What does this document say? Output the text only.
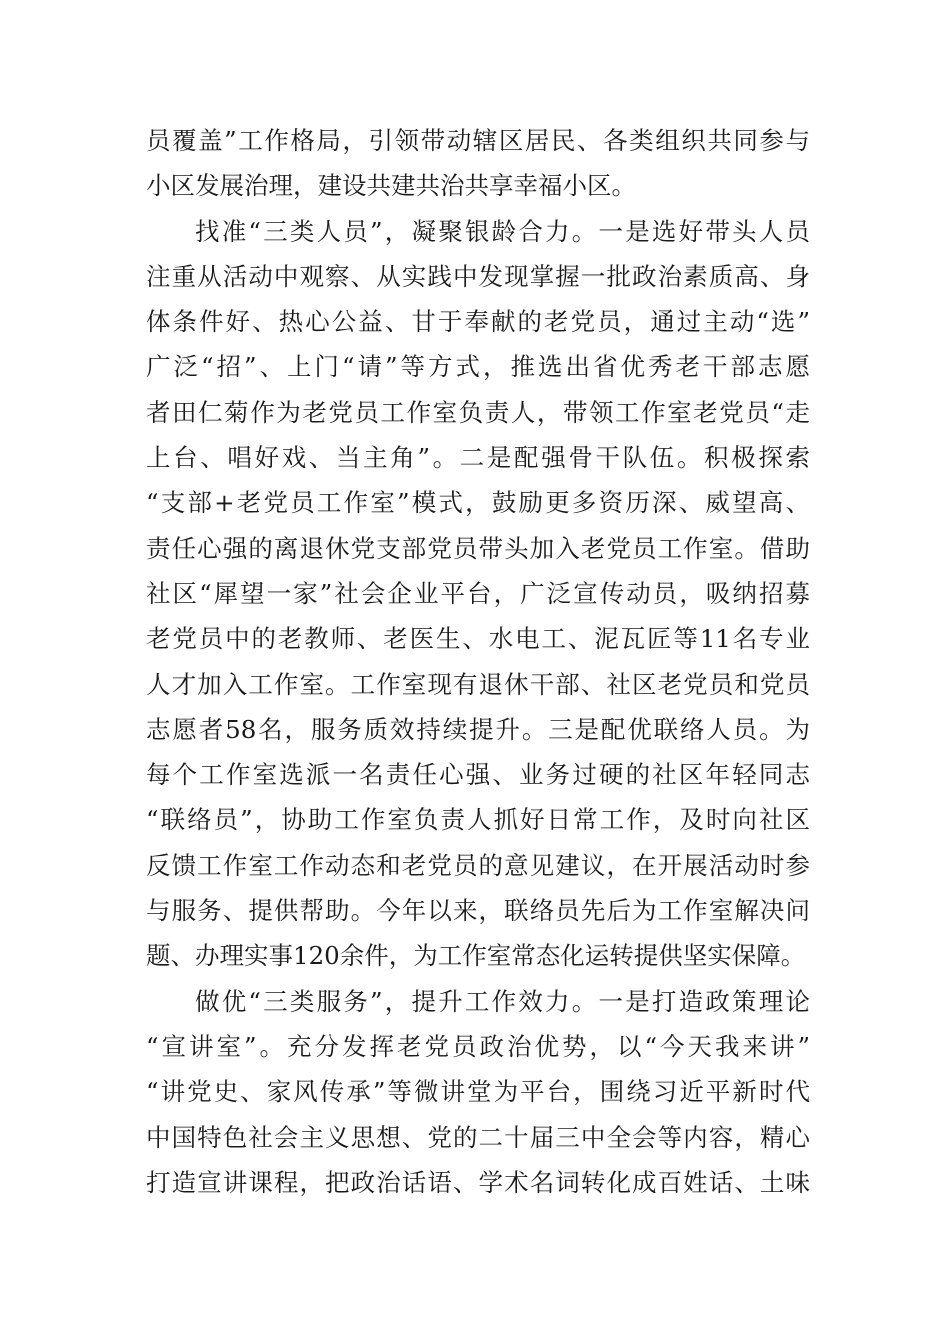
员覆盖”工作格局，引领带动辖区居民、各类组织共同参与
小区发展治理，建设共建共治共享幸福小区。
找准“三类人员”，凝聚银龄合力。一是选好带头人员
注重从活动中观察、从实践中发现掌握一批政治素质高、身
体条件好、热心公益、甘于奉献的老党员，通过主动“选”
广泛“招”、上门“请”等方式，推选出省优秀老干部志愿
者田仁菊作为老党员工作室负责人，带领工作室老党员“走
上台、唱好戏、当主角”。二是配强骨干队伍。积极探索
“支部+老党员工作室”模式，鼓励更多资历深、威望高、
责任心强的离退休党支部党员带头加入老党员工作室。借助
社区“犀望一家”社会企业平台，广泛宣传动员，吸纳招募
老党员中的老教师、老医生、水电工、泥瓦匠等11名专业
人才加入工作室。工作室现有退休干部、社区老党员和党员
志愿者58名，服务质效持续提升。三是配优联络人员。为
每个工作室选派一名责任心强、业务过硬的社区年轻同志
“联络员”，协助工作室负责人抓好日常工作，及时向社区
反馈工作室工作动态和老党员的意见建议，在开展活动时参
与服务、提供帮助。今年以来，联络员先后为工作室解决问
题、办理实事120余件，为工作室常态化运转提供坚实保障。
做优“三类服务”，提升工作效力。一是打造政策理论
“宣讲室”。充分发挥老党员政治优势，以“今天我来讲”
“讲党史、家风传承”等微讲堂为平台，围绕习近平新时代
中国特色社会主义思想、党的二十届三中全会等内容，精心
打造宣讲课程，把政治话语、学术名词转化成百姓话、土味
